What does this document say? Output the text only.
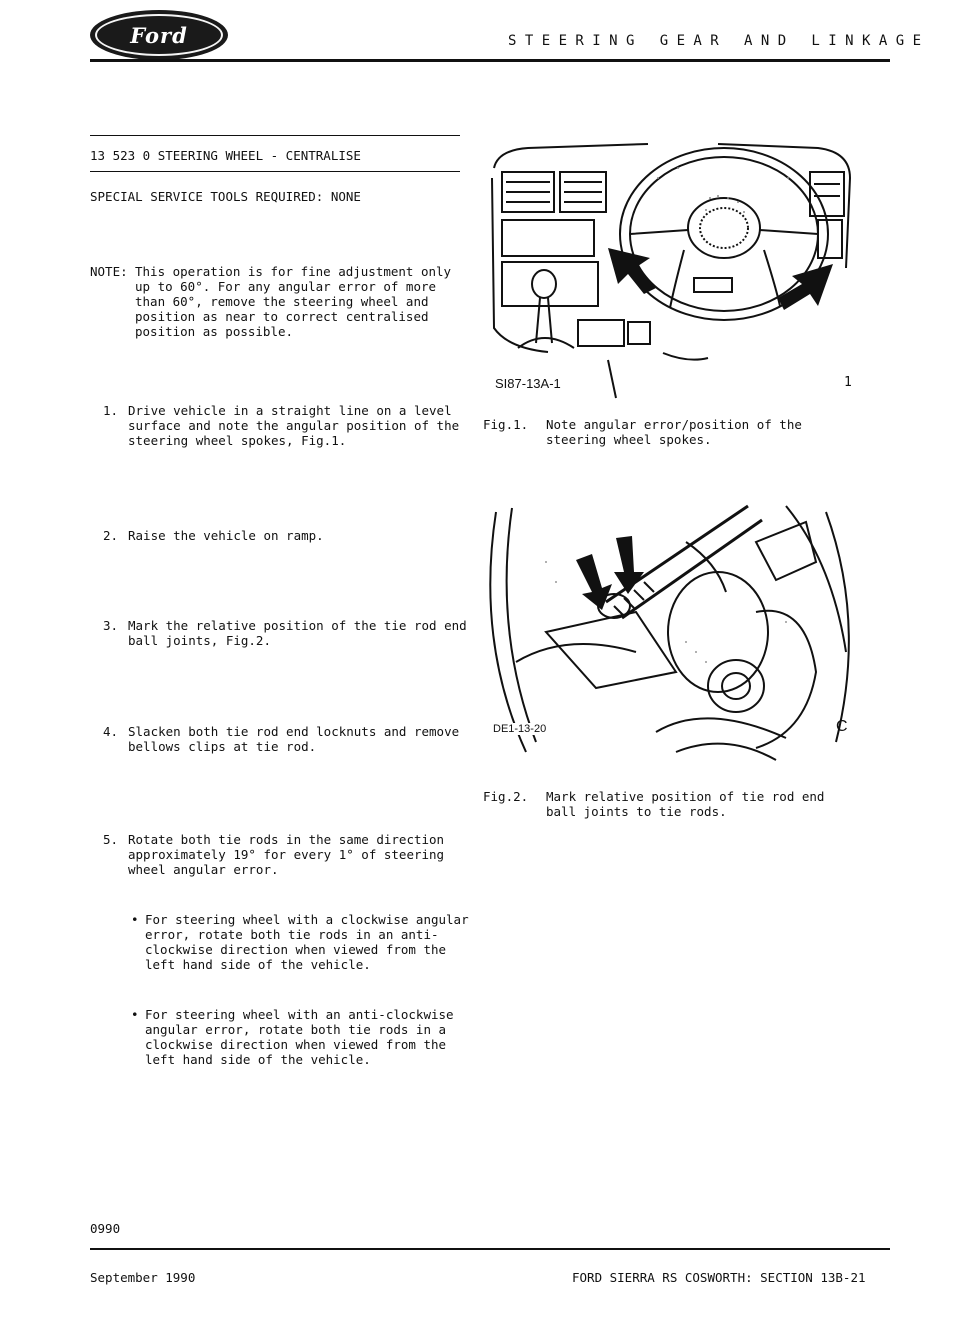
Ford	S T E E R I N G   G E A R   A N D   L I N K A G E
13 523 0 STEERING WHEEL - CENTRALISE
SPECIAL SERVICE TOOLS REQUIRED: NONE
NOTE: This operation is for fine adjustment only
up to 60°. For any angular error of more
than 60°, remove the steering wheel and
position as near to correct centralised
position as possible.
1. Drive vehicle in a straight line on a level
surface and note the angular position of the
steering wheel spokes, Fig.1.
2. Raise the vehicle on ramp.
3. Mark the relative position of the tie rod end
ball joints, Fig.2.
4. Slacken both tie rod end locknuts and remove
bellows clips at tie rod.
5. Rotate both tie rods in the same direction
approximately 19° for every 1° of steering
wheel angular error.
• For steering wheel with a clockwise angular
error, rotate both tie rods in an anti-
clockwise direction when viewed from the
left hand side of the vehicle.
• For steering wheel with an anti-clockwise
angular error, rotate both tie rods in a
clockwise direction when viewed from the
left hand side of the vehicle.
SI87-13A-1	1
Fig.1. Note angular error/position of the
steering wheel spokes.
DE1-13-20	C
Fig.2. Mark relative position of tie rod end
ball joints to tie rods.
0990
September 1990	FORD SIERRA RS COSWORTH: SECTION 13B-21
